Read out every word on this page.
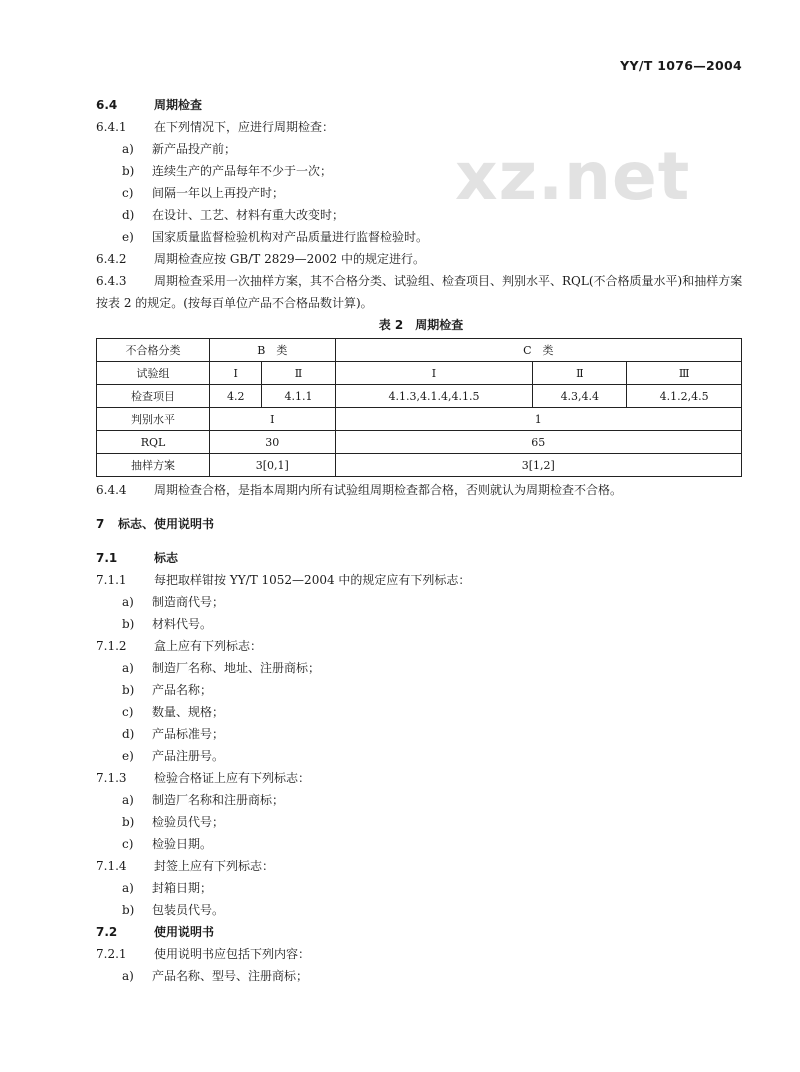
YY/T 1076—2004
xz.net
6.4	周期检查
6.4.1 在下列情况下，应进行周期检查：
a) 新产品投产前；
b) 连续生产的产品每年不少于一次；
c) 间隔一年以上再投产时；
d) 在设计、工艺、材料有重大改变时；
e) 国家质量监督检验机构对产品质量进行监督检验时。
6.4.2 周期检查应按 GB/T 2829—2002 中的规定进行。
6.4.3 周期检查采用一次抽样方案，其不合格分类、试验组、检查项目、判别水平、RQL(不合格质量水平)和抽样方案按表 2 的规定。(按每百单位产品不合格品数计算)。
表 2　周期检查
不合格分类	B　类		C　类		
试验组	Ⅰ	Ⅱ	Ⅰ	Ⅱ	Ⅲ
检查项目	4.2	4.1.1	4.1.3,4.1.4,4.1.5	4.3,4.4	4.1.2,4.5
判别水平	Ⅰ		1		
RQL	30		65		
抽样方案	3[0,1]		3[1,2]		
6.4.4 周期检查合格，是指本周期内所有试验组周期检查都合格，否则就认为周期检查不合格。
7 标志、使用说明书
7.1	标志
7.1.1 每把取样钳按 YY/T 1052—2004 中的规定应有下列标志：
a) 制造商代号；
b) 材料代号。
7.1.2 盒上应有下列标志：
a) 制造厂名称、地址、注册商标；
b) 产品名称；
c) 数量、规格；
d) 产品标准号；
e) 产品注册号。
7.1.3 检验合格证上应有下列标志：
a) 制造厂名称和注册商标；
b) 检验员代号；
c) 检验日期。
7.1.4 封签上应有下列标志：
a) 封箱日期；
b) 包装员代号。
7.2	使用说明书
7.2.1 使用说明书应包括下列内容：
a) 产品名称、型号、注册商标；
